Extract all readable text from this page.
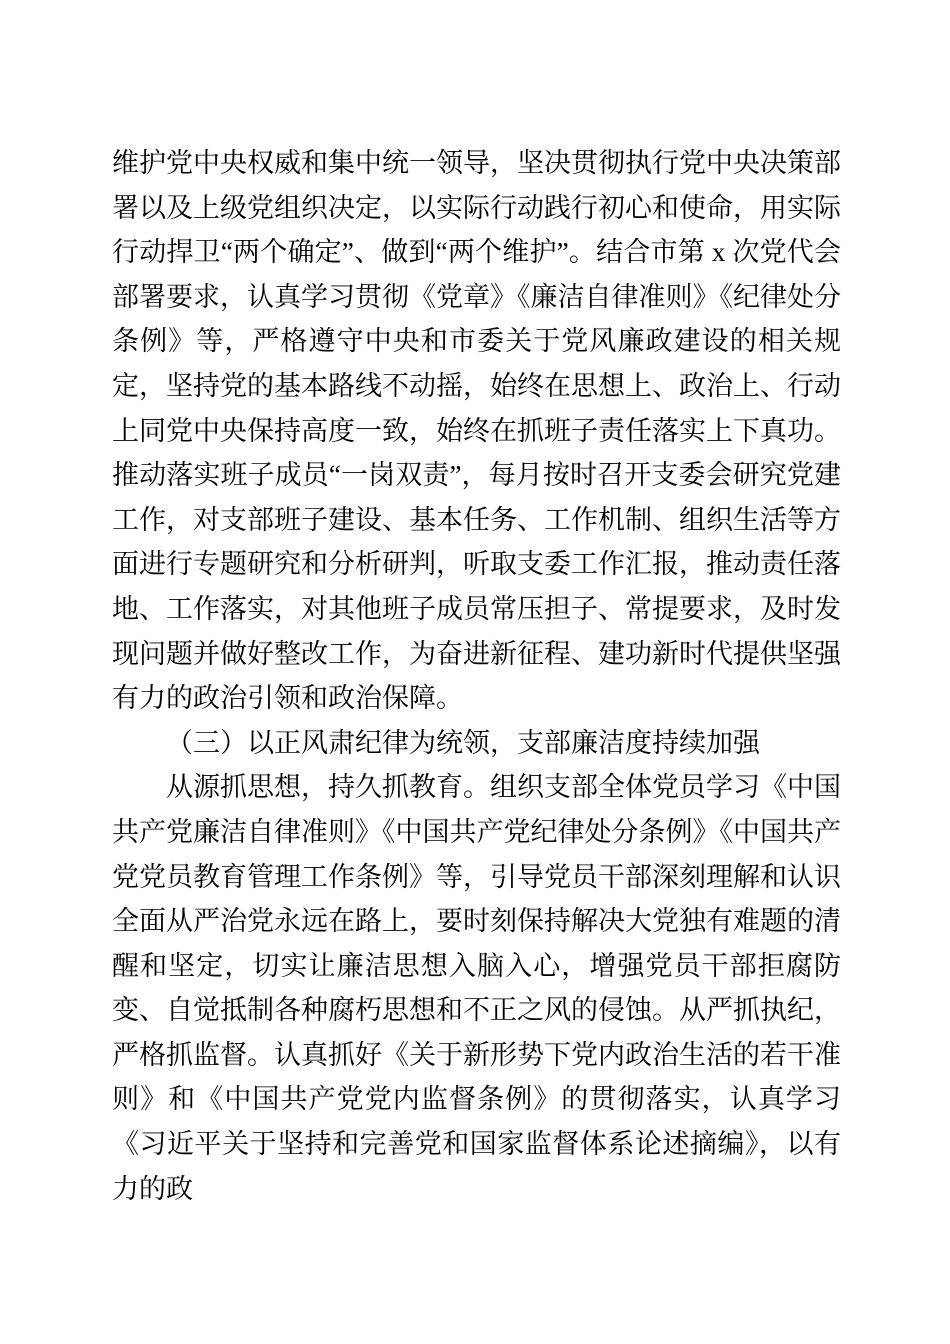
维护党中央权威和集中统一领导，坚决贯彻执行党中央决策部署以及上级党组织决定，以实际行动践行初心和使命，用实际行动捍卫“两个确定”、做到“两个维护”。结合市第 x 次党代会部署要求，认真学习贯彻《党章》《廉洁自律准则》《纪律处分条例》等，严格遵守中央和市委关于党风廉政建设的相关规定，坚持党的基本路线不动摇，始终在思想上、政治上、行动上同党中央保持高度一致，始终在抓班子责任落实上下真功。推动落实班子成员“一岗双责”，每月按时召开支委会研究党建工作，对支部班子建设、基本任务、工作机制、组织生活等方面进行专题研究和分析研判，听取支委工作汇报，推动责任落地、工作落实，对其他班子成员常压担子、常提要求，及时发现问题并做好整改工作，为奋进新征程、建功新时代提供坚强有力的政治引领和政治保障。

（三）以正风肃纪律为统领，支部廉洁度持续加强

从源抓思想，持久抓教育。组织支部全体党员学习《中国共产党廉洁自律准则》《中国共产党纪律处分条例》《中国共产党党员教育管理工作条例》等，引导党员干部深刻理解和认识全面从严治党永远在路上，要时刻保持解决大党独有难题的清醒和坚定，切实让廉洁思想入脑入心，增强党员干部拒腐防变、自觉抵制各种腐朽思想和不正之风的侵蚀。从严抓执纪，严格抓监督。认真抓好《关于新形势下党内政治生活的若干准则》和《中国共产党党内监督条例》的贯彻落实，认真学习《习近平关于坚持和完善党和国家监督体系论述摘编》，以有力的政
